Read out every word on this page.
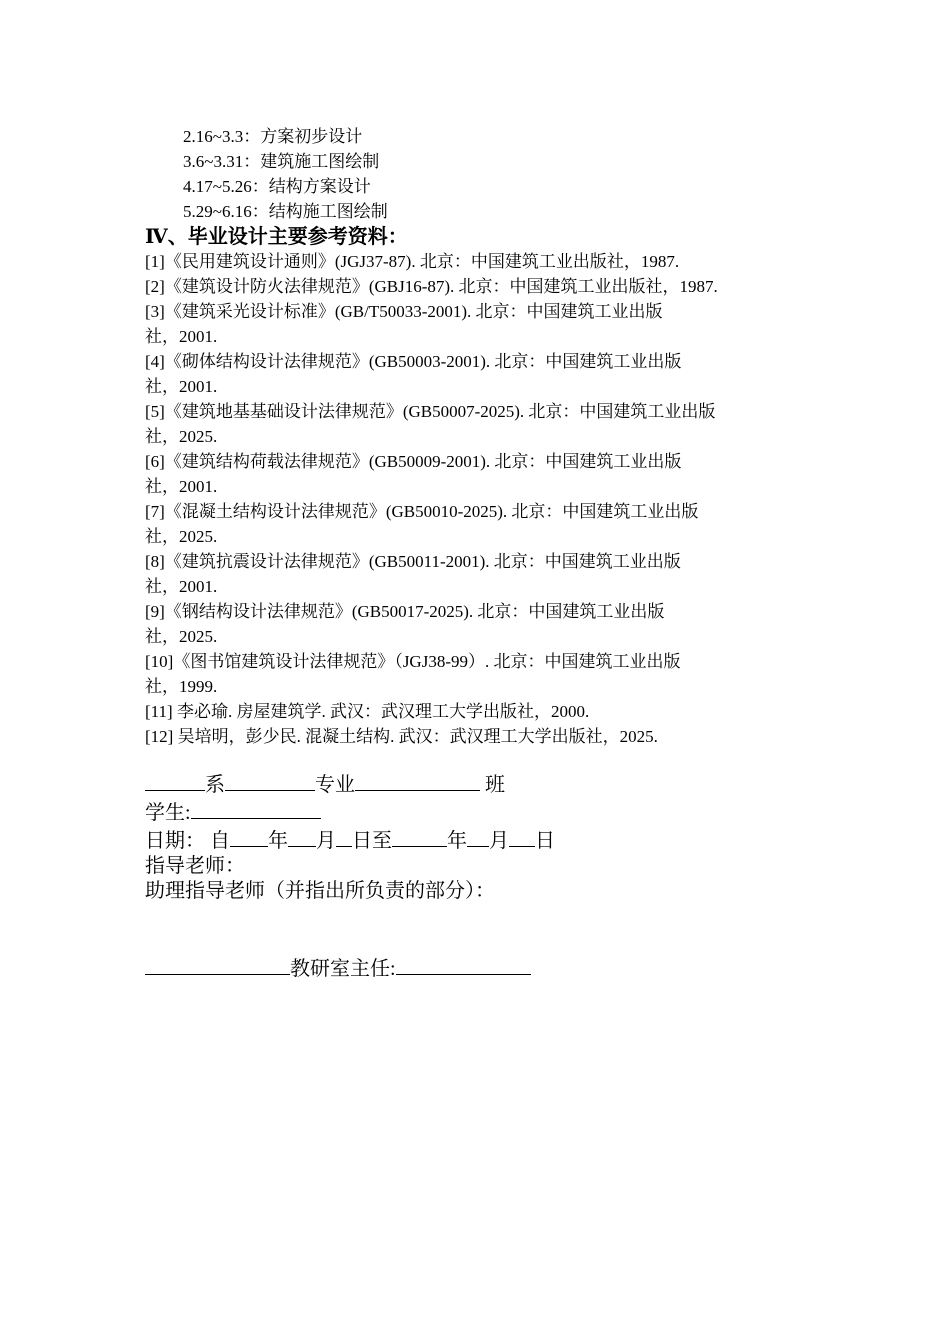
2.16~3.3：方案初步设计
3.6~3.31：建筑施工图绘制
4.17~5.26：结构方案设计
5.29~6.16：结构施工图绘制
Ⅳ、毕业设计主要参考资料：
[1]《民用建筑设计通则》(JGJ37-87). 北京：中国建筑工业出版社，1987.
[2]《建筑设计防火法律规范》(GBJ16-87). 北京：中国建筑工业出版社，1987.
[3]《建筑采光设计标准》(GB/T50033-2001). 北京：中国建筑工业出版
社，2001.
[4]《砌体结构设计法律规范》(GB50003-2001). 北京：中国建筑工业出版
社，2001.
[5]《建筑地基基础设计法律规范》(GB50007-2025). 北京：中国建筑工业出版
社，2025.
[6]《建筑结构荷载法律规范》(GB50009-2001). 北京：中国建筑工业出版
社，2001.
[7]《混凝土结构设计法律规范》(GB50010-2025). 北京：中国建筑工业出版
社，2025.
[8]《建筑抗震设计法律规范》(GB50011-2001). 北京：中国建筑工业出版
社，2001.
[9]《钢结构设计法律规范》(GB50017-2025). 北京：中国建筑工业出版
社，2025.
[10]《图书馆建筑设计法律规范》（JGJ38-99）. 北京：中国建筑工业出版
社，1999.
[11] 李必瑜. 房屋建筑学. 武汉：武汉理工大学出版社，2000.
[12] 吴培明，彭少民. 混凝土结构. 武汉：武汉理工大学出版社，2025.
系	专业	班
学生:
日期： 自 年 月 日至	年 月 日
指导老师：
助理指导老师（并指出所负责的部分）：
教研室主任:
